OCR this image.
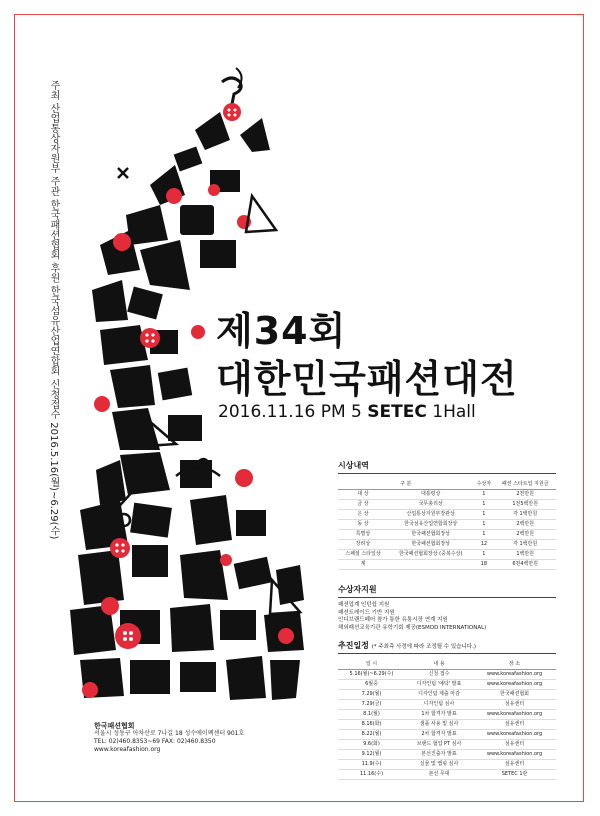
주최 산업통상자원부 주관 한국패션협회 후원 한국섬유산업연합회 신청접수 2016.5.16(월)~6.29(수)	제34회
대한민국패션대전
2016.11.16 PM 5 SETEC 1Hall
시상내역
구 분		수상자	패션 스타트업 지원금
대 상	대통령상	1	2천만원
금 상	국무총리상	1	1천5백만원
은 상	산업통상자원부장관상	1	각 1백만원
동 상	한국섬유산업연합회장상	1	2백만원
특별상	한국패션협회장상	1	2백만원
장려상	한국패션협회장상	12	각 1백만원
스페셜 스타일상	한국패션협회장상 (중복수상)	1	1백만원
계		18	6천4백만원
수상자지원
패션업계 인턴쉽 지원
패션트레이드 기반 지원
인디브랜드페어 참가 통한 유통시장 연계 지원
해외패션교육기관 유학기회 제공(ESMOD INTERNATIONAL)
추진일정 (* 주최측 사정에 따라 조정될 수 있습니다.)
일 시	내 용	장 소
5.16(월)~6.29(수)	신청 접수	www.koreafashion.org
6월중	디자인팀 '예탁' 발표	www.koreafashion.org
7.29(월)	디자인팀 제출 마감	한국패션협회
7.29(금)	디자인팀 심사	섬유센터
8.1(월)	1차 합격자 발표	www.koreafashion.org
8.16(화)	샘플 사용 및 심사	섬유센터
8.22(월)	2차 합격자 발표	www.koreafashion.org
9.6(화)	브랜드 협업 PT 심사	섬유센터
9.12(월)	본선진출자 발표	www.koreafashion.org
11.9(수)	실물 및 맵핑 심사	섬유센터
11.16(수)	본선 무대	SETEC 1관
한국패션협회
서울시 성동구 아차산로 7나길 18 성수에이펙센터 901호
TEL: 02)460.8353~69 FAX: 02)460.8350
www.koreafashion.org
